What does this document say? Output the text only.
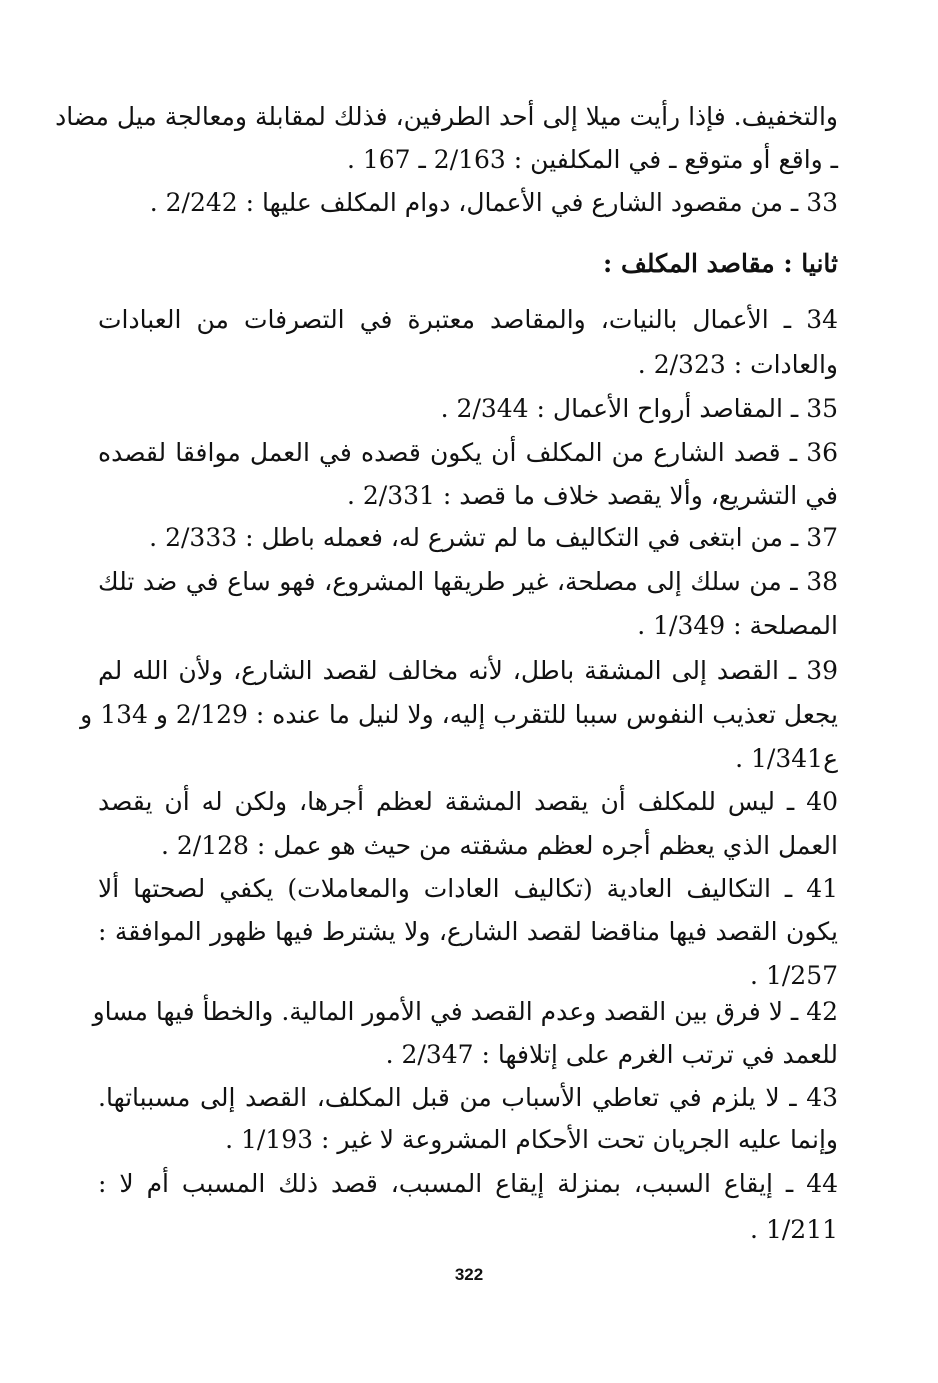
والتخفيف. فإذا رأيت ميلا إلى أحد الطرفين، فذلك لمقابلة ومعالجة ميل مضاد
ـ واقع أو متوقع ـ في المكلفين : 2/163 ـ 167 .
33 ـ من مقصود الشارع في الأعمال، دوام المكلف عليها : 2/242 .
ثانيا : مقاصد المكلف :
34 ـ الأعمال بالنيات، والمقاصد معتبرة في التصرفات من العبادات
والعادات : 2/323 .
35 ـ المقاصد أرواح الأعمال : 2/344 .
36 ـ قصد الشارع من المكلف أن يكون قصده في العمل موافقا لقصده
في التشريع، وألا يقصد خلاف ما قصد : 2/331 .
37 ـ من ابتغى في التكاليف ما لم تشرع له، فعمله باطل : 2/333 .
38 ـ من سلك إلى مصلحة، غير طريقها المشروع، فهو ساع في ضد تلك
المصلحة : 1/349 .
39 ـ القصد إلى المشقة باطل، لأنه مخالف لقصد الشارع، ولأن الله لم
يجعل تعذيب النفوس سببا للتقرب إليه، ولا لنيل ما عنده : 2/129 و 134 و
ع1/341 .
40 ـ ليس للمكلف أن يقصد المشقة لعظم أجرها، ولكن له أن يقصد
العمل الذي يعظم أجره لعظم مشقته من حيث هو عمل : 2/128 .
41 ـ التكاليف العادية (تكاليف العادات والمعاملات) يكفي لصحتها ألا
يكون القصد فيها مناقضا لقصد الشارع، ولا يشترط فيها ظهور الموافقة :
1/257 .
42 ـ لا فرق بين القصد وعدم القصد في الأمور المالية. والخطأ فيها مساو
للعمد في ترتب الغرم على إتلافها : 2/347 .
43 ـ لا يلزم في تعاطي الأسباب من قبل المكلف، القصد إلى مسبباتها.
وإنما عليه الجريان تحت الأحكام المشروعة لا غير : 1/193 .
44 ـ إيقاع السبب، بمنزلة إيقاع المسبب، قصد ذلك المسبب أم لا :
1/211 .
322
